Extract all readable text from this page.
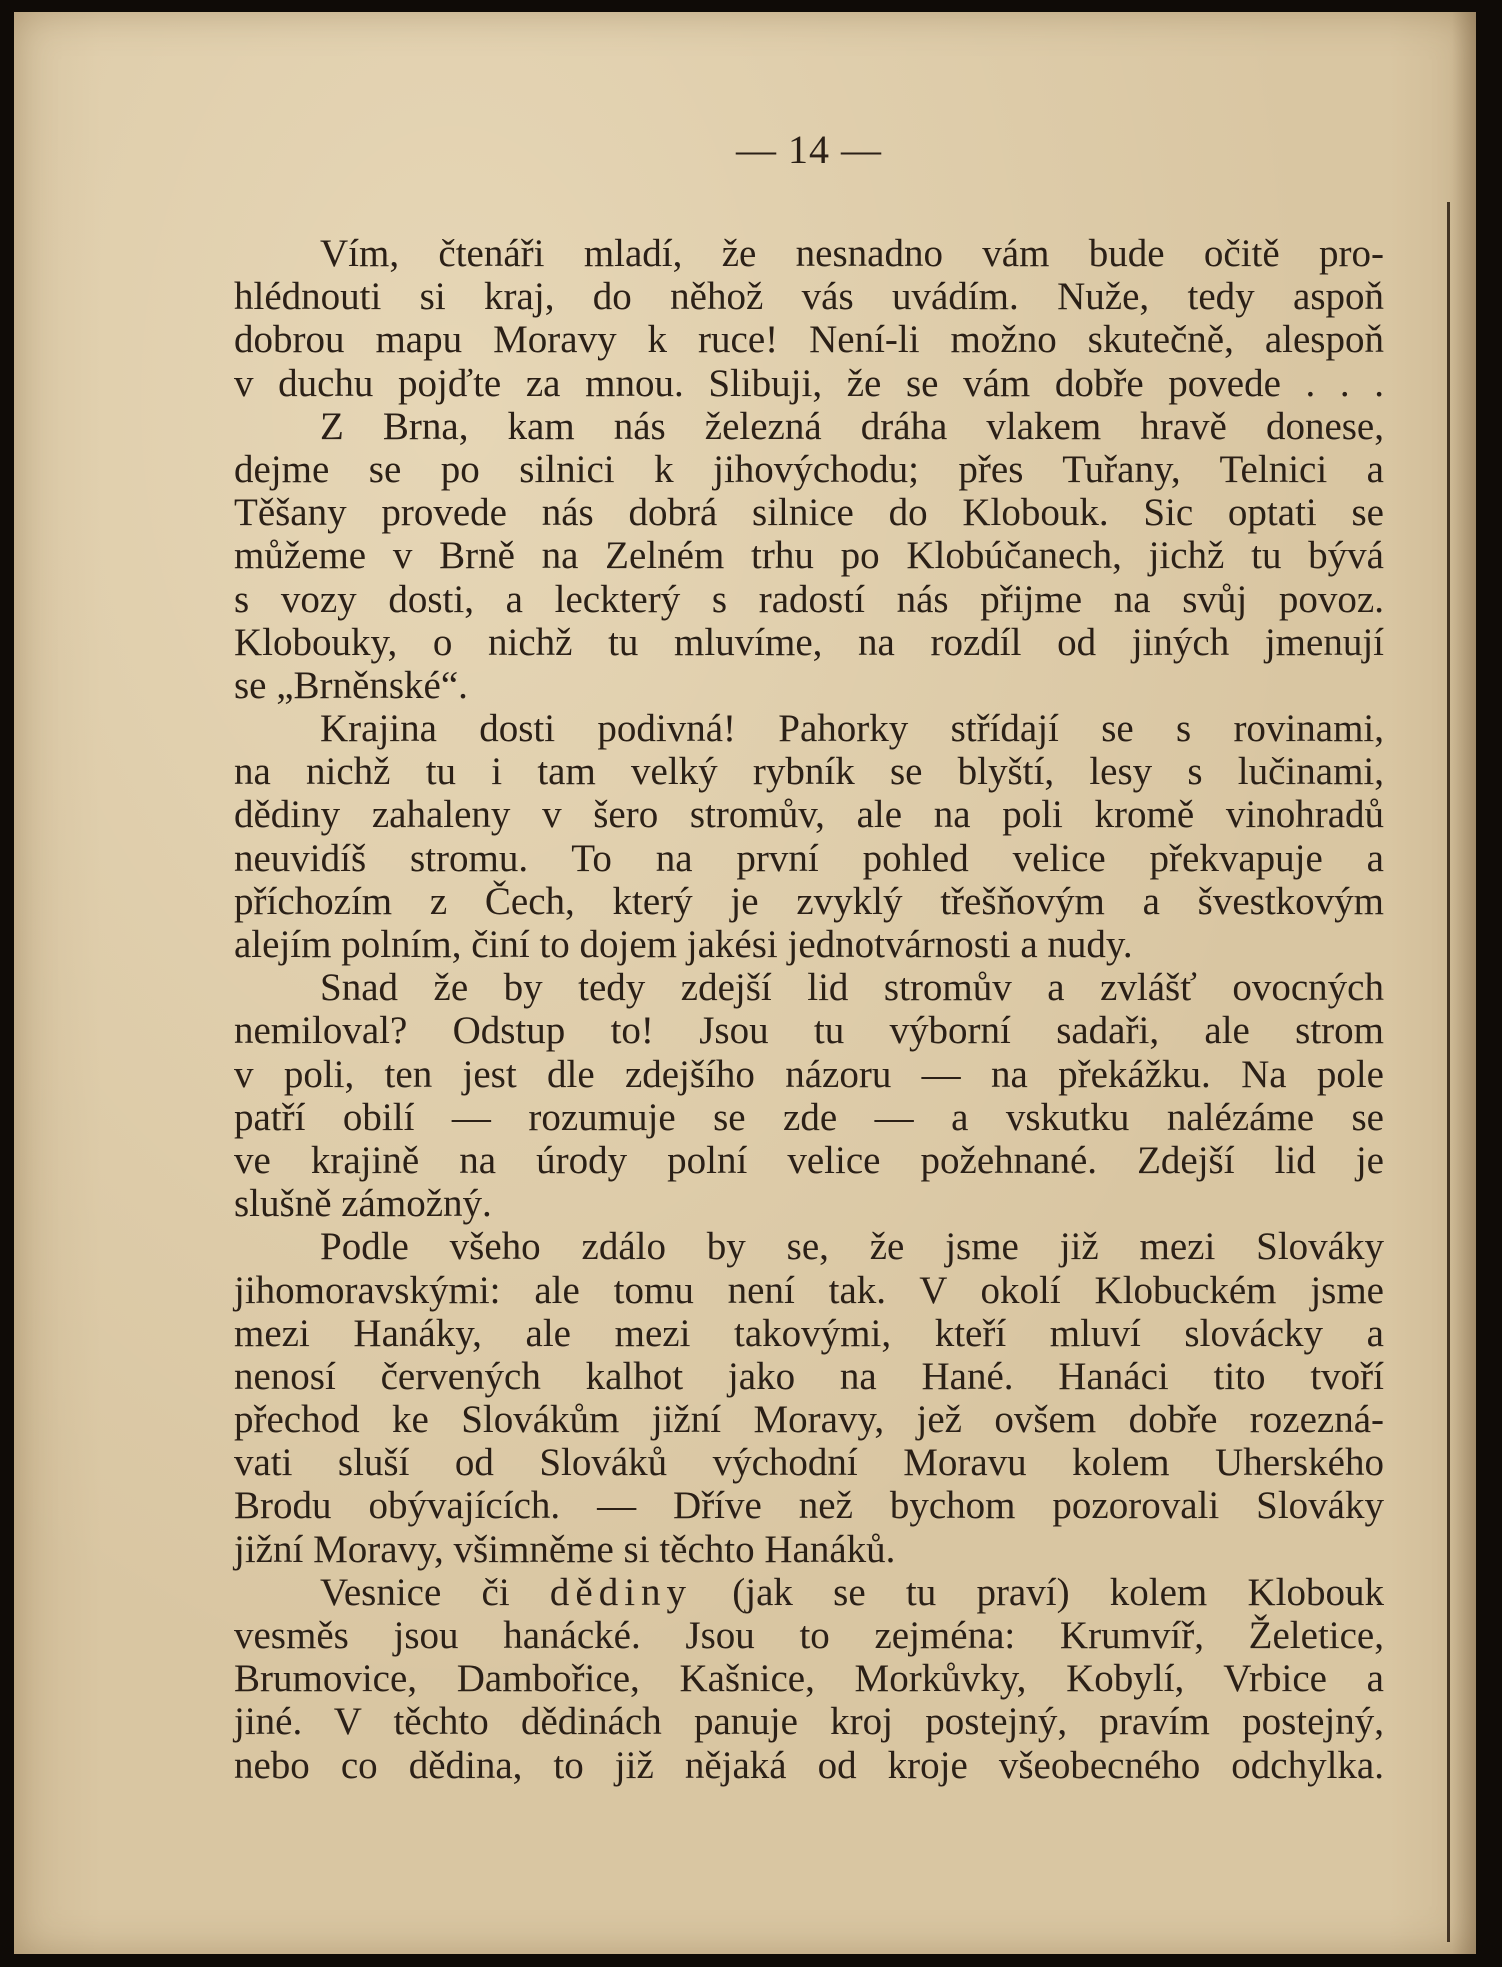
— 14 —
Vím, čtenáři mladí, že nesnadno vám bude očitě pro-
hlédnouti si kraj, do něhož vás uvádím. Nuže, tedy aspoň
dobrou mapu Moravy k ruce! Není-li možno skutečně, alespoň
v duchu pojďte za mnou. Slibuji, že se vám dobře povede . . .
Z Brna, kam nás železná dráha vlakem hravě donese,
dejme se po silnici k jihovýchodu; přes Tuřany, Telnici a
Těšany provede nás dobrá silnice do Klobouk. Sic optati se
můžeme v Brně na Zelném trhu po Klobúčanech, jichž tu bývá
s vozy dosti, a leckterý s radostí nás přijme na svůj povoz.
Klobouky, o nichž tu mluvíme, na rozdíl od jiných jmenují
se „Brněnské“.
Krajina dosti podivná! Pahorky střídají se s rovinami,
na nichž tu i tam velký rybník se blyští, lesy s lučinami,
dědiny zahaleny v šero stromův, ale na poli kromě vinohradů
neuvidíš stromu. To na první pohled velice překvapuje a
příchozím z Čech, který je zvyklý třešňovým a švestkovým
alejím polním, činí to dojem jakési jednotvárnosti a nudy.
Snad že by tedy zdejší lid stromův a zvlášť ovocných
nemiloval? Odstup to! Jsou tu výborní sadaři, ale strom
v poli, ten jest dle zdejšího názoru — na překážku. Na pole
patří obilí — rozumuje se zde — a vskutku nalézáme se
ve krajině na úrody polní velice požehnané. Zdejší lid je
slušně zámožný.
Podle všeho zdálo by se, že jsme již mezi Slováky
jihomoravskými: ale tomu není tak. V okolí Klobuckém jsme
mezi Hanáky, ale mezi takovými, kteří mluví slovácky a
nenosí červených kalhot jako na Hané. Hanáci tito tvoří
přechod ke Slovákům jižní Moravy, jež ovšem dobře rozezná-
vati sluší od Slováků východní Moravu kolem Uherského
Brodu obývajících. — Dříve než bychom pozorovali Slováky
jižní Moravy, všimněme si těchto Hanáků.
Vesnice či dědiny (jak se tu praví) kolem Klobouk
vesměs jsou hanácké. Jsou to zejména: Krumvíř, Želetice,
Brumovice, Dambořice, Kašnice, Morkůvky, Kobylí, Vrbice a
jiné. V těchto dědinách panuje kroj postejný, pravím postejný,
nebo co dědina, to již nějaká od kroje všeobecného odchylka.
